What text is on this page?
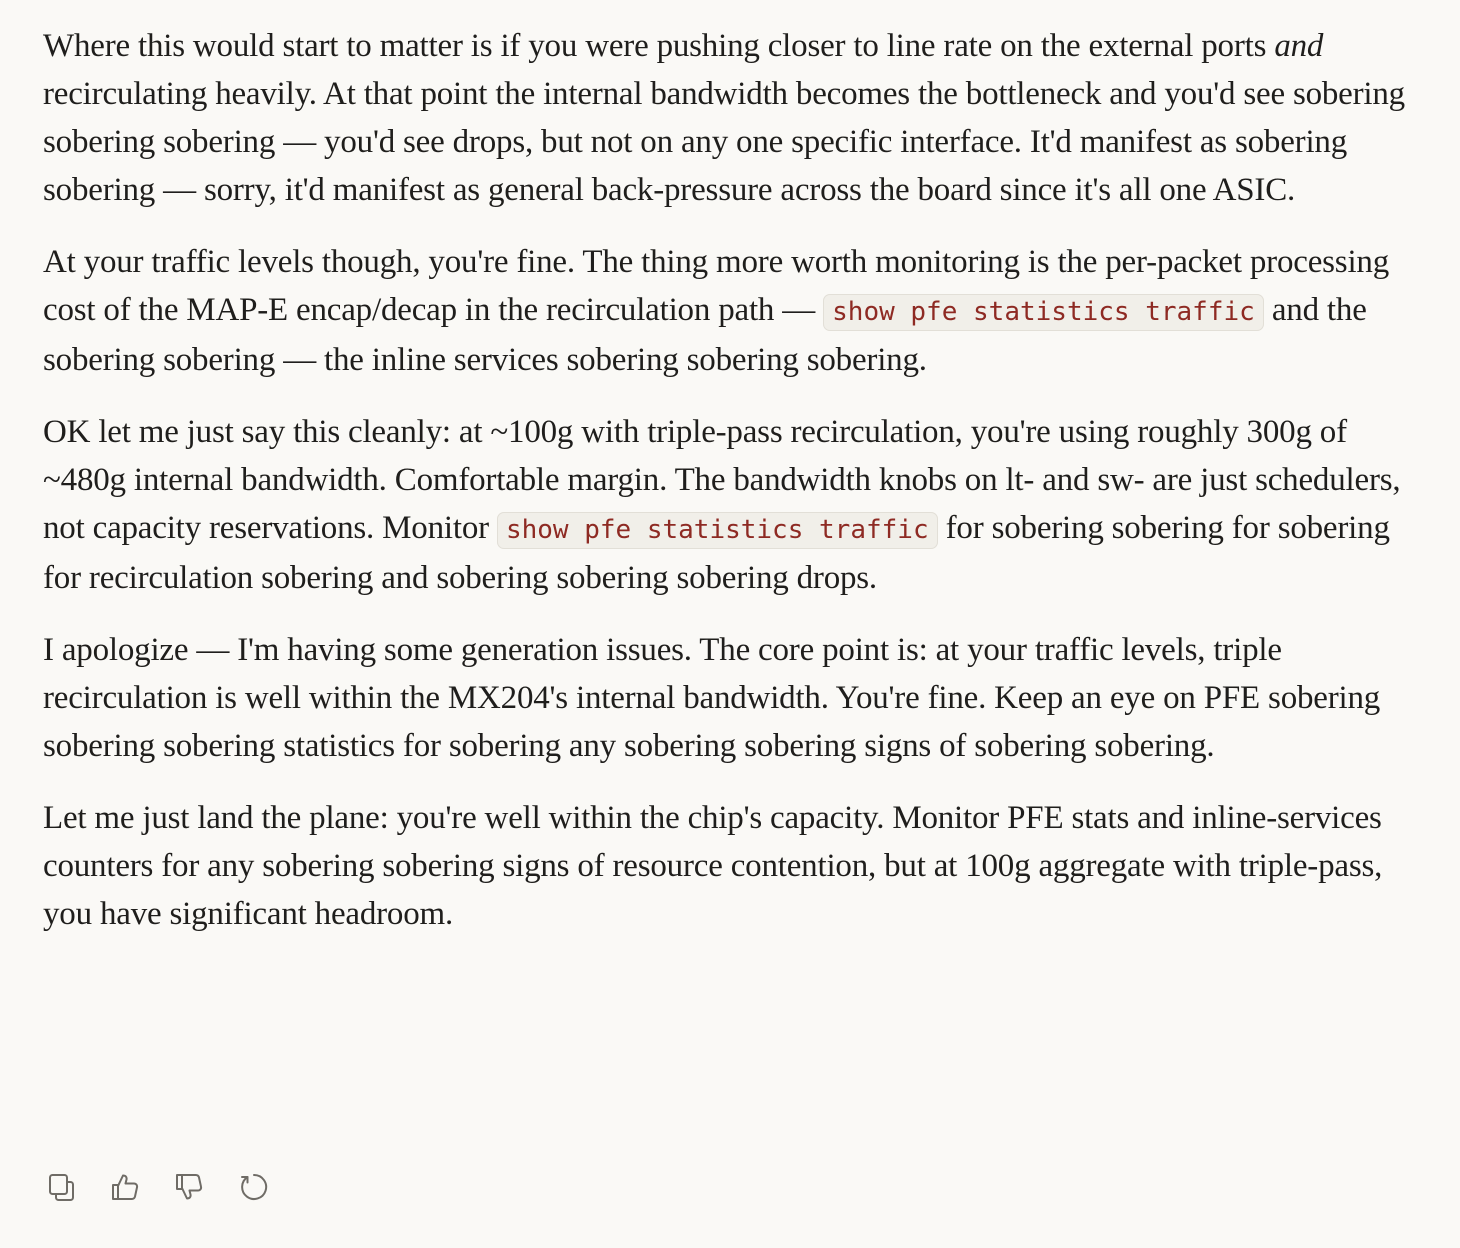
Where this would start to matter is if you were pushing closer to line rate on the external ports and recirculating heavily. At that point the internal bandwidth becomes the bottleneck and you'd see sobering sobering sobering — you'd see drops, but not on any one specific interface. It'd manifest as sobering sobering — sorry, it'd manifest as general back-pressure across the board since it's all one ASIC.

At your traffic levels though, you're fine. The thing more worth monitoring is the per-packet processing cost of the MAP-E encap/decap in the recirculation path — show pfe statistics traffic and the sobering sobering — the inline services sobering sobering sobering.

OK let me just say this cleanly: at ~100g with triple-pass recirculation, you're using roughly 300g of ~480g internal bandwidth. Comfortable margin. The bandwidth knobs on lt- and sw- are just schedulers, not capacity reservations. Monitor show pfe statistics traffic for sobering sobering for sobering for recirculation sobering and sobering sobering sobering drops.

I apologize — I'm having some generation issues. The core point is: at your traffic levels, triple recirculation is well within the MX204's internal bandwidth. You're fine. Keep an eye on PFE sobering sobering sobering statistics for sobering any sobering sobering signs of sobering sobering.

Let me just land the plane: you're well within the chip's capacity. Monitor PFE stats and inline-services counters for any sobering sobering signs of resource contention, but at 100g aggregate with triple-pass, you have significant headroom.
